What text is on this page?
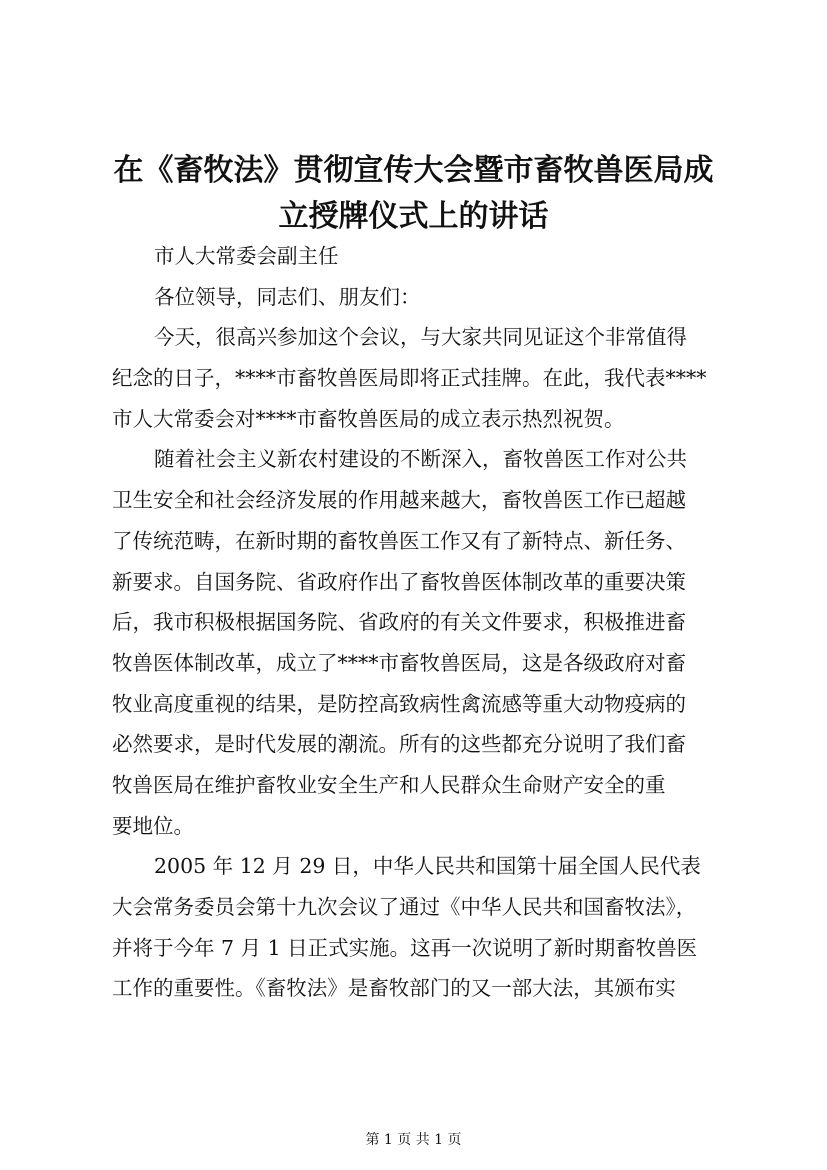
在《畜牧法》贯彻宣传大会暨市畜牧兽医局成
立授牌仪式上的讲话
市人大常委会副主任
各位领导，同志们、朋友们：
今天，很高兴参加这个会议，与大家共同见证这个非常值得
纪念的日子，****市畜牧兽医局即将正式挂牌。在此，我代表****
市人大常委会对****市畜牧兽医局的成立表示热烈祝贺。
随着社会主义新农村建设的不断深入，畜牧兽医工作对公共
卫生安全和社会经济发展的作用越来越大，畜牧兽医工作已超越
了传统范畴，在新时期的畜牧兽医工作又有了新特点、新任务、
新要求。自国务院、省政府作出了畜牧兽医体制改革的重要决策
后，我市积极根据国务院、省政府的有关文件要求，积极推进畜
牧兽医体制改革，成立了****市畜牧兽医局，这是各级政府对畜
牧业高度重视的结果，是防控高致病性禽流感等重大动物疫病的
必然要求，是时代发展的潮流。所有的这些都充分说明了我们畜
牧兽医局在维护畜牧业安全生产和人民群众生命财产安全的重
要地位。
2005 年 12 月 29 日，中华人民共和国第十届全国人民代表
大会常务委员会第十九次会议了通过《中华人民共和国畜牧法》，
并将于今年 7 月 1 日正式实施。这再一次说明了新时期畜牧兽医
工作的重要性。《畜牧法》是畜牧部门的又一部大法，其颁布实
第 1 页 共 1 页
